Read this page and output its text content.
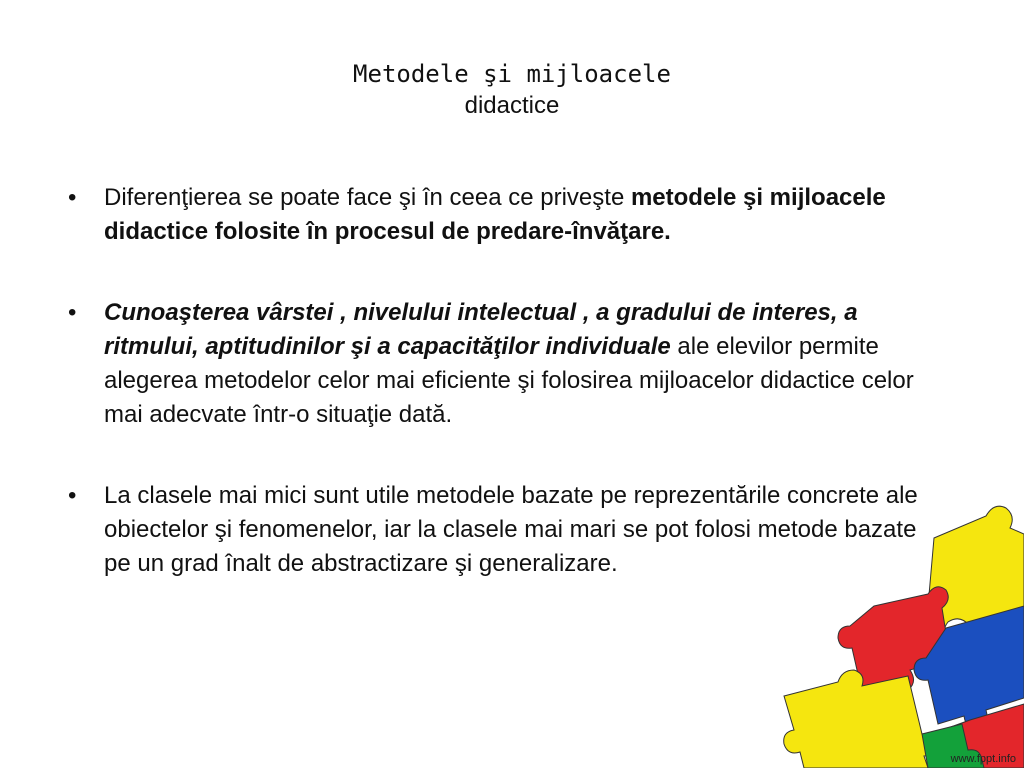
Metodele şi mijloacele
didactice
• Diferenţierea se poate face şi în ceea ce priveşte metodele şi mijloacele didactice folosite în procesul de predare-învăţare.
• Cunoaşterea vârstei , nivelului intelectual , a gradului de interes, a ritmului, aptitudinilor şi a capacităţilor individuale ale elevilor permite alegerea metodelor celor mai eficiente şi folosirea mijloacelor didactice celor mai adecvate într-o situaţie dată.
• La clasele mai mici sunt utile metodele bazate pe reprezentările concrete ale obiectelor şi fenomenelor, iar la clasele mai mari se pot folosi metode bazate pe un grad înalt de abstractizare şi generalizare.
www.fppt.info
